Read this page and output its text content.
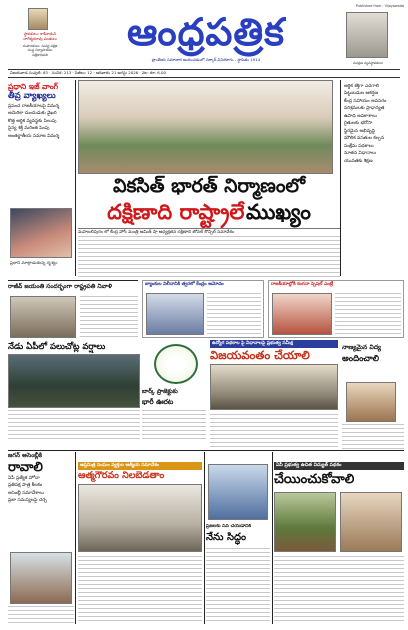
స్థాపకులు: కాశీనాథుని
నాగేశ్వరరావు పంతులు
సంపాదకులు: సువర్ణ పత్రిక
సంస్థ నిర్వాహకులు
పత్రికాధిపతి
ఆంధ్రపత్రిక
ప్రాంతీయ సమాచార అందించడంలో సర్కార్ వినియోగం - స్థాపితం 1914
Published from : Vijayawada
ముద్రణ వ్యవస్థాపకులు
విజయవాడ సంపుటి: 63 · సంచిక: 213 · పేజీలు: 12 · ఆదివారం 21 ఆగస్టు 2026 · వెల: రూ. 6.00
ప్రధాని ఇజ్ వాంగ్
తీవ్ర వ్యాఖ్యలు
ప్రపంచ రాజకీయాలపై విమర్శ
అమెరికా దుందుడుకు వైఖరి
కొత్త ఆర్థిక వ్యవస్థకు పిలుపు
సైన్య శక్తి మరింత పెంపు
అంతర్జాతీయ సమాజ విమర్శ
ప్రధాని మాట్లాడుతున్న దృశ్యం
వికసిత్ భారత్ నిర్మాణంలో
దక్షిణాది రాష్ట్రాలే ముఖ్యం
మహబలిపురం లో కేంద్ర హోం మంత్రి అమిత్ షా అధ్యక్షతన దక్షిణాది జోనల్ కౌన్సిల్ సమావేశం
ఆర్థిక శక్తిగా ఎదగాలి
పెట్టుబడుల ఆకర్షణ
కేంద్ర సహాయం అవసరం
పరిశ్రమలకు ప్రాధాన్యత
ఉపాధి అవకాశాలు
రైతులకు భరోసా
స్థిరమైన అభివృద్ధి
మౌలిక వసతుల కల్పన
సంక్షేమ పథకాలు
నూతన విధానాలు
యువతకు శిక్షణ
రాజీవ్ జయంతి సందర్భంగా రాష్ట్రపతి నివాళి	బ్యాంకుల విలీనానికి త్వరలో కేంద్రం ఆమోదం	రాజకీయాల్లోకి కంగనా స్పెషల్ ఎంట్రీ
నేడు ఏపీలో పలుచోట్ల వర్షాలు
బార్క్ ప్రాజెక్టుకు
భారీ ఊరట
ఉద్యోగ పథకాల పై విధానాలపై ప్రభుత్వ సమీక్ష
విజయవంతం చేయాలి
నాణ్యమైన విద్య
అందించాలి
జగన్ అసెంబ్లీకి
రావాలి
ఏపీ ప్రత్యేక హోదా
ప్రతిపక్ష పాత్ర కీలకం
అసెంబ్లీ సమావేశాలు
ప్రజా సమస్యలపై చర్చ
ఆప్తమిత్ర సంఘం వ్యక్తుల ఆత్మీయ సమావేశం
ఆత్మగౌరవం నిలబెడతాం
ప్రజలకు సేవ చేయడానికి
నేను సిద్ధం
ఏపీ ప్రభుత్వ ఉచిత విద్యుత్ పథకం
చేయించుకోవాలి
